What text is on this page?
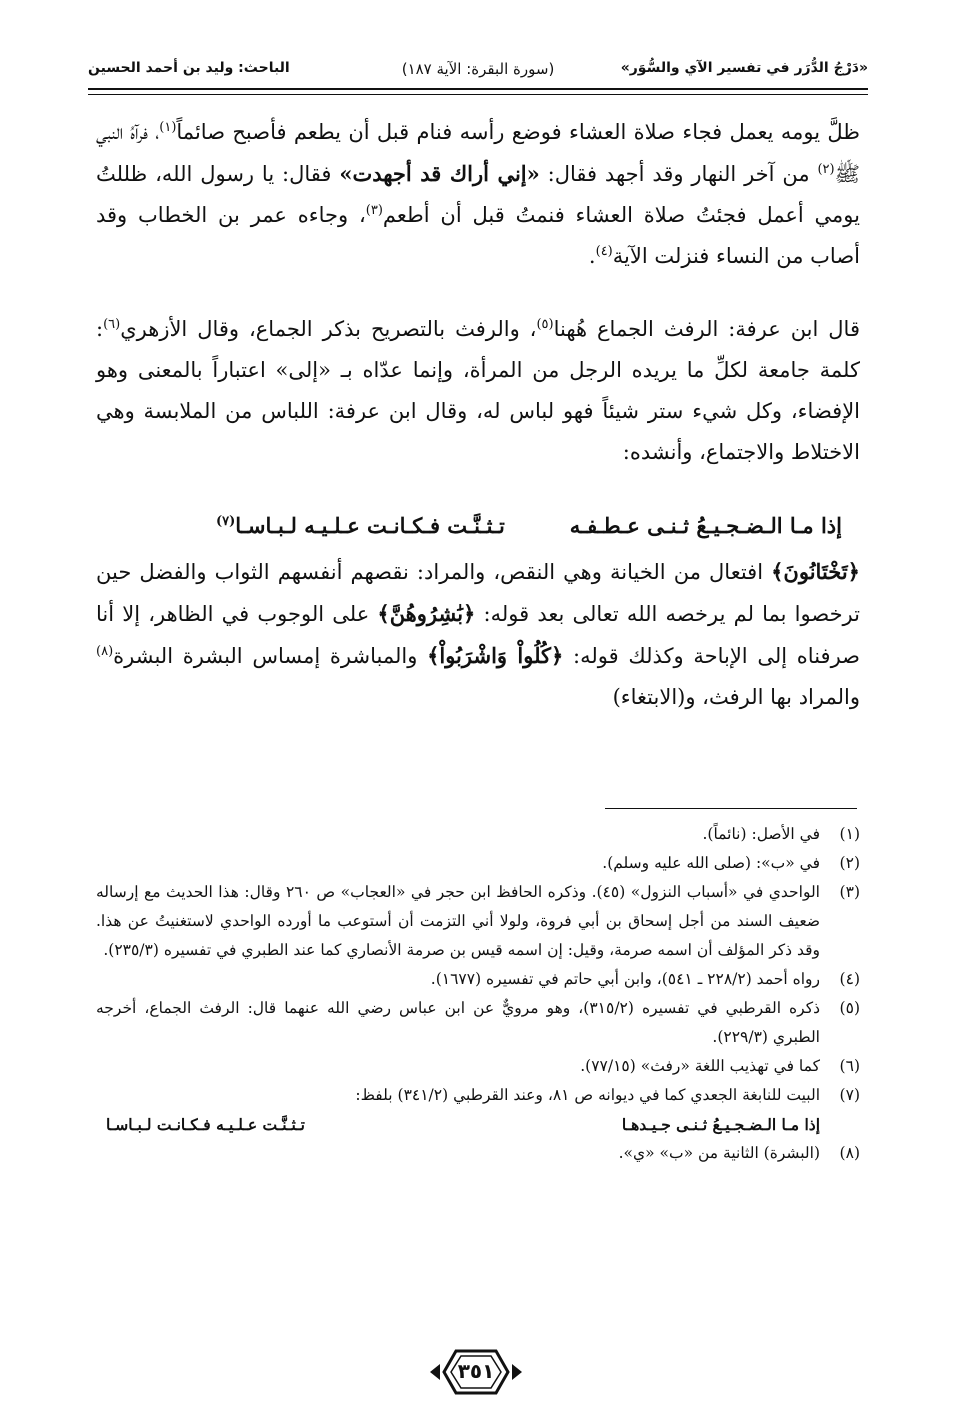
«دَرْجُ الدُّرَر في تفسير الآي والسُّوَر»
(سورة البقرة: الآية ١٨٧)
الباحث: وليد بن أحمد الحسين

ظلَّ يومه يعمل فجاء صلاة العشاء فوضع رأسه فنام قبل أن يطعم فأصبح صائماً$^{(١)}$، فرآهُ النبي ﷺ$^{(٢)}$ من آخر النهار وقد أجهد فقال: «إني أراك قد أجهدت» فقال: يا رسول الله، ظللتُ يومي أعمل فجئتُ صلاة العشاء فنمتُ قبل أن أطعم$^{(٣)}$، وجاءه عمر بن الخطاب وقد أصاب من النساء فنزلت الآية$^{(٤)}$.

قال ابن عرفة: الرفث الجماع هُهنا$^{(٥)}$، والرفث بالتصريح بذكر الجماع، وقال الأزهري$^{(٦)}$: كلمة جامعة لكلِّ ما يريده الرجل من المرأة، وإنما عدّاه بـ «إلى» اعتباراً بالمعنى وهو الإفضاء، وكل شيء ستر شيئاً فهو لباس له، وقال ابن عرفة: اللباس من الملابسة وهي الاختلاط والاجتماع، وأنشده:

إذا مـا الـضـجـيـعُ ثـنـى عـطـفـه
تـثـنَّـت فـكـانـت عـلـيـه لـبـاسـا$^{(٧)}$

﴿تَخْتَانُونَ﴾ افتعال من الخيانة وهي النقص، والمراد: نقصهم أنفسهم الثواب والفضل حين ترخصوا بما لم يرخصه الله تعالى بعد قوله: ﴿بَٰشِرُوهُنَّ﴾ على الوجوب في الظاهر، إلا أنا صرفناه إلى الإباحة وكذلك قوله: ﴿كُلُواْ وَاشْرَبُواْ﴾ والمباشرة إمساس البشرة البشرة$^{(٨)}$ والمراد بها الرفث، و(الابتغاء)

(١)
في الأصل: (نائماً).
(٢)
في «ب»: (صلى الله عليه وسلم).
(٣)
الواحدي في «أسباب النزول» (٤٥). وذكره الحافظ ابن حجر في «العجاب» ص ٢٦٠ وقال: هذا الحديث مع إرساله ضعيف السند من أجل إسحاق بن أبي فروة، ولولا أني التزمت أن أستوعب ما أورده الواحدي لاستغنيتُ عن هذا. وقد ذكر المؤلف أن اسمه صرمة، وقيل: إن اسمه قيس بن صرمة الأنصاري كما عند الطبري في تفسيره (٢٣٥/٣).
(٤)
رواه أحمد (٢٢٨/٢ ـ ٥٤١)، وابن أبي حاتم في تفسيره (١٦٧٧).
(٥)
ذكره القرطبي في تفسيره (٣١٥/٢)، وهو مرويٌّ عن ابن عباس رضي الله عنهما قال: الرفث الجماع، أخرجه الطبري (٢٢٩/٣).
(٦)
كما في تهذيب اللغة «رفث» (٧٧/١٥).
(٧)
البيت للنابغة الجعدي كما في ديوانه ص ٨١، وعند القرطبي (٣٤١/٢) بلفظ:
إذا مـا الـضـجـيـعُ ثـنـى جـيـدهـا
تـثـنَّـت عـلـيـه فـكـانـت لـبـاسـا
(٨)
(البشرة) الثانية من «ب» «ي».
٣٥١
